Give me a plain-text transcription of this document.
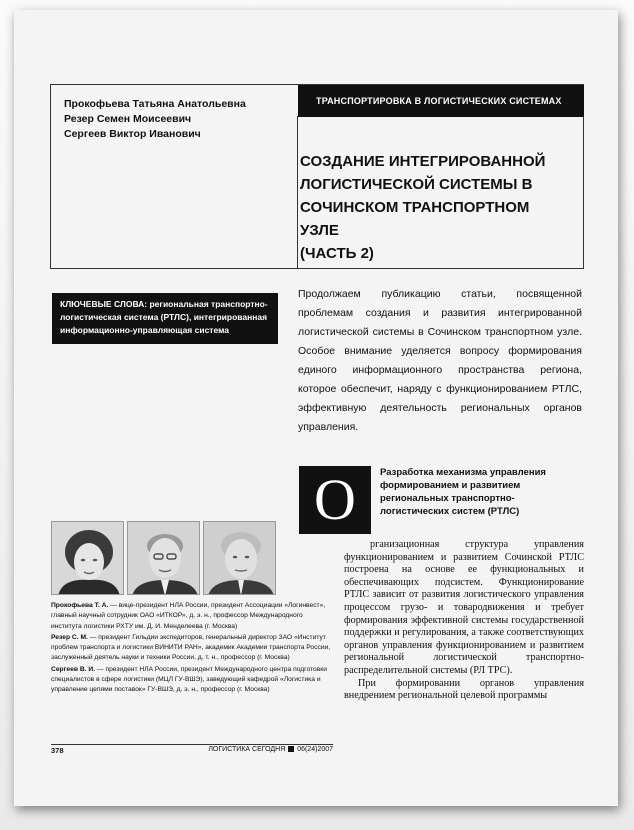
Прокофьева Татьяна Анатольевна
Резер Семен Моисеевич
Сергеев Виктор Иванович
ТРАНСПОРТИРОВКА В ЛОГИСТИЧЕСКИХ СИСТЕМАХ
СОЗДАНИЕ ИНТЕГРИРОВАННОЙ
ЛОГИСТИЧЕСКОЙ СИСТЕМЫ В
СОЧИНСКОМ ТРАНСПОРТНОМ УЗЛЕ
(ЧАСТЬ 2)
КЛЮЧЕВЫЕ СЛОВА: региональная транспортно-логистическая система (РТЛС), интегрированная информационно-управляющая система

Продолжаем публикацию статьи, посвященной проблемам создания и развития интегрированной логистической системы в Сочинском транспортном узле. Особое внимание уделяется вопросу формирования единого информационного пространства региона, которое обеспечит, наряду с функционированием РТЛС, эффективную деятельность региональных органов управления.

О	Разработка механизма управления формированием и развитием региональных транспортно-логистических систем (РТЛС)

рганизационная структура управления функционированием и развитием Сочинской РТЛС построена на основе ее функциональных и обеспечивающих подсистем. Функционирование РТЛС зависит от развития логистического управления процессом грузо- и товародвижения и требует формирования эффективной системы государственной поддержки и регулирования, а также соответствующих органов управления функционированием и развитием региональной логистической транспортно-распределительной системы (РЛ ТРС).

При формировании органов управления внедрением региональной целевой программы

Прокофьева Т. А. — вице-президент НЛА России, президент Ассоциации «Логинвест», главный научный сотрудник ОАО «ИТКОР», д. э. н., профессор Международного института логистики РХТУ им. Д. И. Менделеева (г. Москва)

Резер С. М. — президент Гильдии экспедиторов, генеральный директор ЗАО «Институт проблем транспорта и логистики ВИНИТИ РАН», академик Академии транспорта России, заслуженный деятель науки и техники России, д. т. н., профессор (г. Москва)

Сергеев В. И. — президент НЛА России, президент Международного центра подготовки специалистов в сфере логистики (МЦЛ ГУ-ВШЭ), заведующий кафедрой «Логистика и управление цепями поставок» ГУ-ВШЭ, д. э. н., профессор (г. Москва)

378	ЛОГИСТИКА СЕГОДНЯ 06(24)2007
